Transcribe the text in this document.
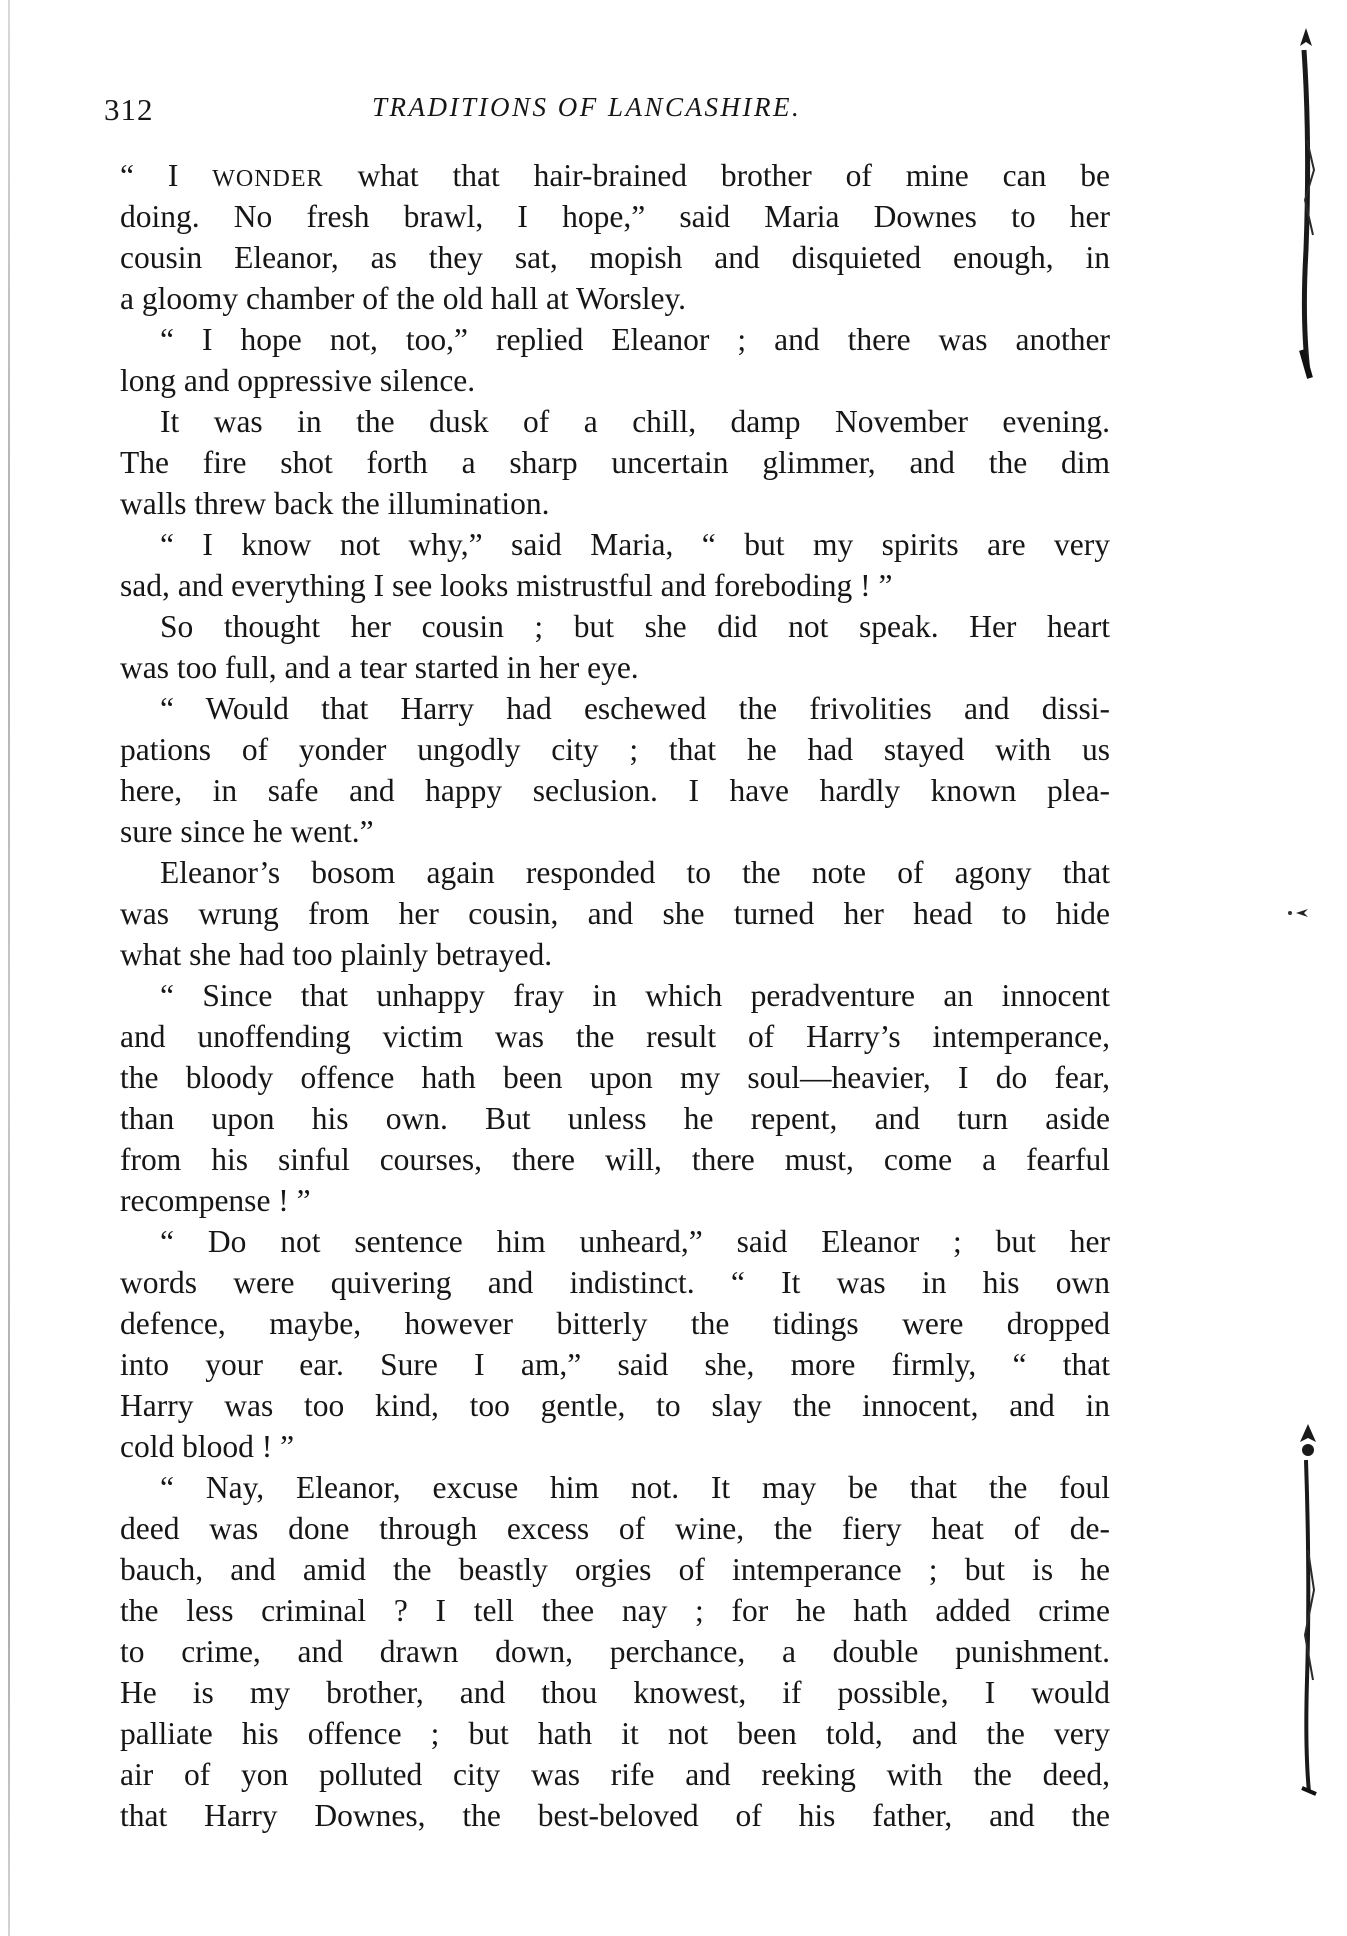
312	TRADITIONS OF LANCASHIRE.
“ I WONDER what that hair-brained brother of mine can be
doing. No fresh brawl, I hope,” said Maria Downes to her
cousin Eleanor, as they sat, mopish and disquieted enough, in
a gloomy chamber of the old hall at Worsley.
“ I hope not, too,” replied Eleanor ; and there was another
long and oppressive silence.
It was in the dusk of a chill, damp November evening.
The fire shot forth a sharp uncertain glimmer, and the dim
walls threw back the illumination.
“ I know not why,” said Maria, “ but my spirits are very
sad, and everything I see looks mistrustful and foreboding ! ”
So thought her cousin ; but she did not speak. Her heart
was too full, and a tear started in her eye.
“ Would that Harry had eschewed the frivolities and dissi-
pations of yonder ungodly city ; that he had stayed with us
here, in safe and happy seclusion. I have hardly known plea-
sure since he went.”
Eleanor’s bosom again responded to the note of agony that
was wrung from her cousin, and she turned her head to hide
what she had too plainly betrayed.
“ Since that unhappy fray in which peradventure an innocent
and unoffending victim was the result of Harry’s intemperance,
the bloody offence hath been upon my soul—heavier, I do fear,
than upon his own. But unless he repent, and turn aside
from his sinful courses, there will, there must, come a fearful
recompense ! ”
“ Do not sentence him unheard,” said Eleanor ; but her
words were quivering and indistinct. “ It was in his own
defence, maybe, however bitterly the tidings were dropped
into your ear. Sure I am,” said she, more firmly, “ that
Harry was too kind, too gentle, to slay the innocent, and in
cold blood ! ”
“ Nay, Eleanor, excuse him not. It may be that the foul
deed was done through excess of wine, the fiery heat of de-
bauch, and amid the beastly orgies of intemperance ; but is he
the less criminal ? I tell thee nay ; for he hath added crime
to crime, and drawn down, perchance, a double punishment.
He is my brother, and thou knowest, if possible, I would
palliate his offence ; but hath it not been told, and the very
air of yon polluted city was rife and reeking with the deed,
that Harry Downes, the best-beloved of his father, and the
